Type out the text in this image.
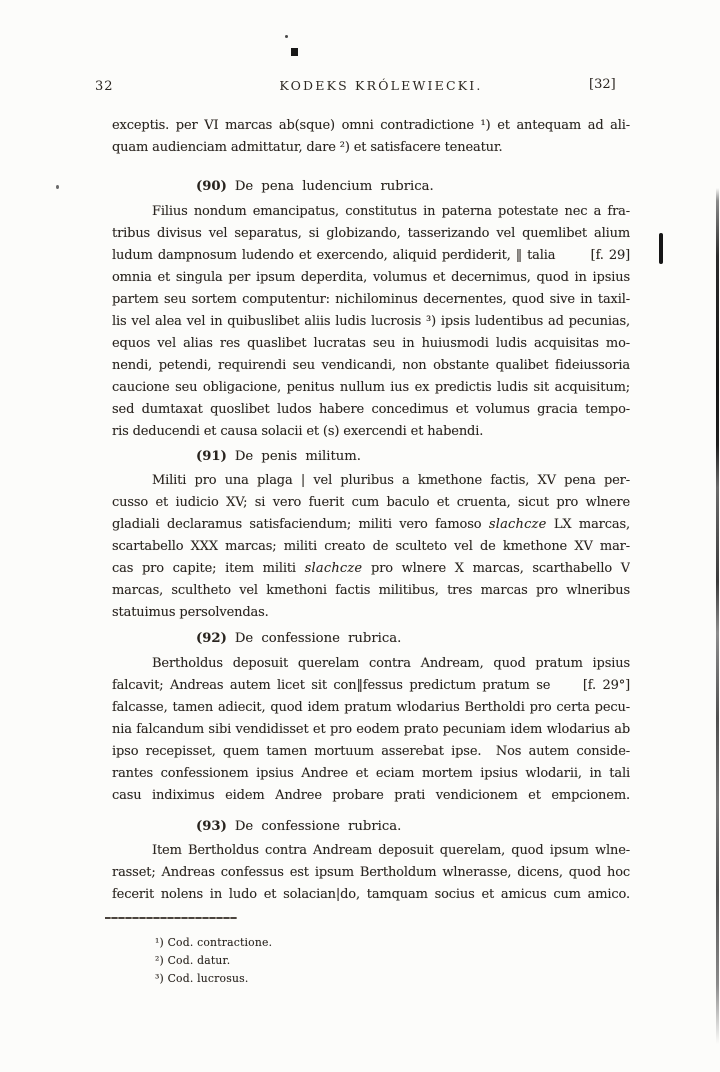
32	KODEKS KRÓLEWIECKI.	[32]
exceptis. per VI marcas ab(sque) omni contradictione ¹) et antequam ad ali-
quam audienciam admittatur, dare ²) et satisfacere teneatur.
(90) De pena ludencium rubrica.
Filius nondum emancipatus, constitutus in paterna potestate nec a fra-
tribus divisus vel separatus, si globizando, tasserizando vel quemlibet alium
ludum dampnosum ludendo et exercendo, aliquid perdiderit, ‖ talia       [f. 29]
omnia et singula per ipsum deperdita, volumus et decernimus, quod in ipsius
partem seu sortem computentur: nichilominus decernentes, quod sive in taxil-
lis vel alea vel in quibuslibet aliis ludis lucrosis ³) ipsis ludentibus ad pecunias,
equos vel alias res quaslibet lucratas seu in huiusmodi ludis acquisitas mo-
nendi, petendi, requirendi seu vendicandi, non obstante qualibet fideiussoria
caucione seu obligacione, penitus nullum ius ex predictis ludis sit acquisitum;
sed dumtaxat quoslibet ludos habere concedimus et volumus gracia tempo-
ris deducendi et causa solacii et (s) exercendi et habendi.
(91) De penis militum.
Militi pro una plaga | vel pluribus a kmethone factis, XV pena per-
cusso et iudicio XV; si vero fuerit cum baculo et cruenta, sicut pro wlnere
gladiali declaramus satisfaciendum; militi vero famoso slachcze LX marcas,
scartabello XXX marcas; militi creato de sculteto vel de kmethone XV mar-
cas pro capite; item militi slachcze pro wlnere X marcas, scarthabello V
marcas, scultheto vel kmethoni factis militibus, tres marcas pro wlneribus
statuimus persolvendas.
(92) De confessione rubrica.
Bertholdus deposuit querelam contra Andream, quod pratum ipsius
falcavit; Andreas autem licet sit con‖fessus predictum pratum se     [f. 29°]
falcasse, tamen adiecit, quod idem pratum wlodarius Bertholdi pro certa pecu-
nia falcandum sibi vendidisset et pro eodem prato pecuniam idem wlodarius ab
ipso recepisset, quem tamen mortuum asserebat ipse.  Nos autem conside-
rantes confessionem ipsius Andree et eciam mortem ipsius wlodarii, in tali
casu indiximus eidem Andree probare prati vendicionem et empcionem.
(93) De confessione rubrica.
Item Bertholdus contra Andream deposuit querelam, quod ipsum wlne-
rasset; Andreas confessus est ipsum Bertholdum wlnerasse, dicens, quod hoc
fecerit nolens in ludo et solacian|do, tamquam socius et amicus cum amico.
¹) Cod. contractione.
²) Cod. datur.
³) Cod. lucrosus.
